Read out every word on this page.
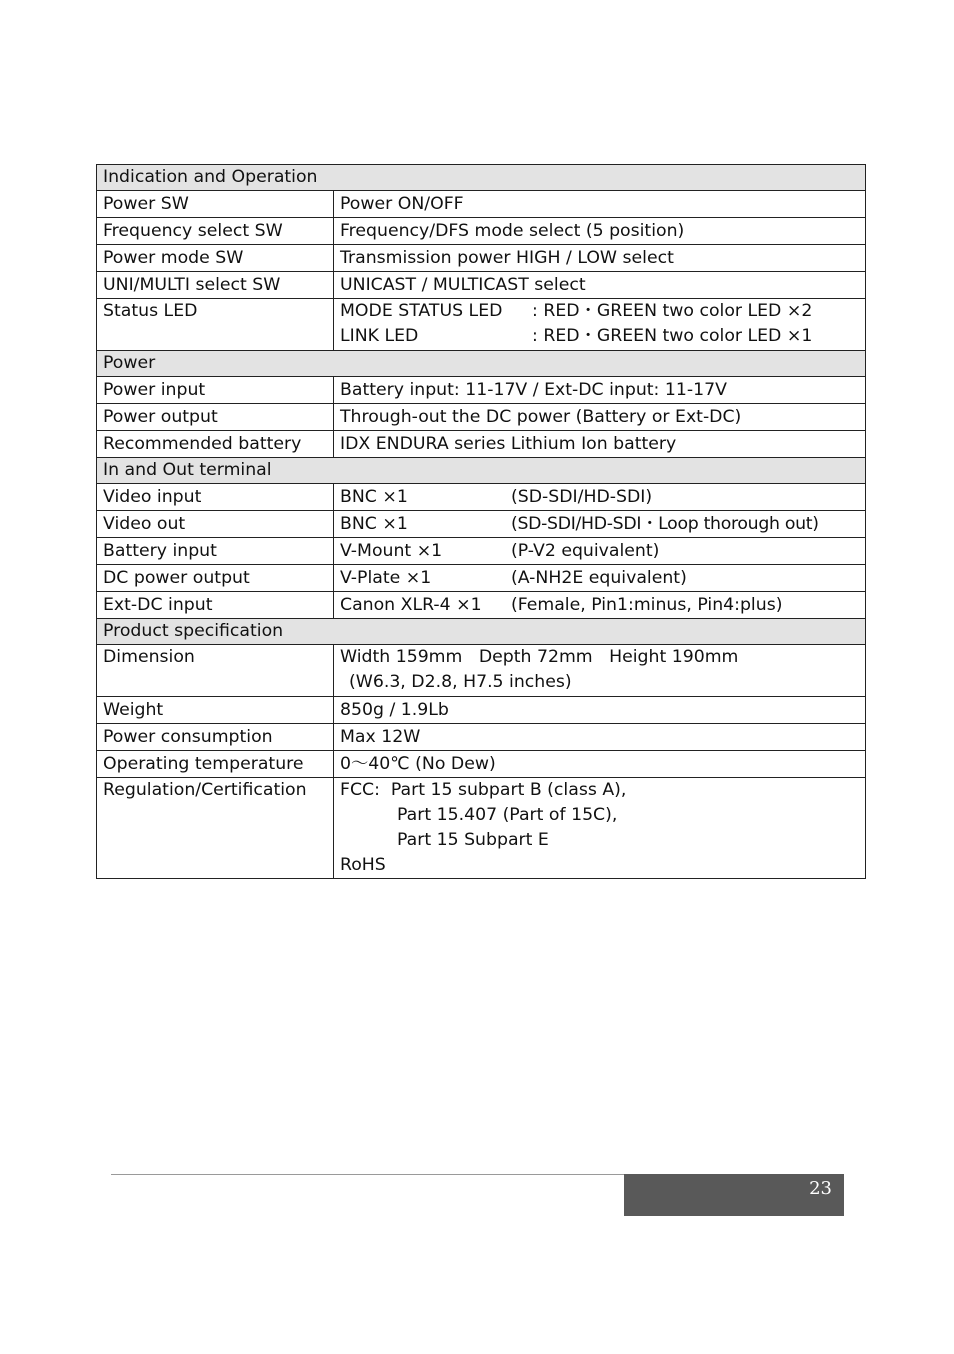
Indication and Operation	
Power SW	Power ON/OFF
Frequency select SW	Frequency/DFS mode select (5 position)
Power mode SW	Transmission power HIGH / LOW select
UNI/MULTI select SW	UNICAST / MULTICAST select
Status LED	MODE STATUS LED : RED・GREEN two color LED ×2
LINK LED : RED・GREEN two color LED ×1

Power	
Power input	Battery input: 11-17V / Ext-DC input: 11-17V
Power output	Through-out the DC power (Battery or Ext-DC)
Recommended battery	IDX ENDURA series Lithium Ion battery
In and Out terminal	
Video input	BNC ×1 (SD-SDI/HD-SDI)
Video out	BNC ×1 (SD-SDI/HD-SDI・Loop thorough out)
Battery input	V-Mount ×1 (P-V2 equivalent)
DC power output	V-Plate ×1 (A-NH2E equivalent)
Ext-DC input	Canon XLR-4 ×1 (Female, Pin1:minus, Pin4:plus)
Product specification	
Dimension	Width 159mm   Depth 72mm   Height 190mm
(W6.3, D2.8, H7.5 inches)

Weight	850g / 1.9Lb
Power consumption	Max 12W
Operating temperature	0～40℃ (No Dew)
Regulation/Certification	FCC:  Part 15 subpart B (class A),
Part 15.407 (Part of 15C),
Part 15 Subpart E
RoHS
23
